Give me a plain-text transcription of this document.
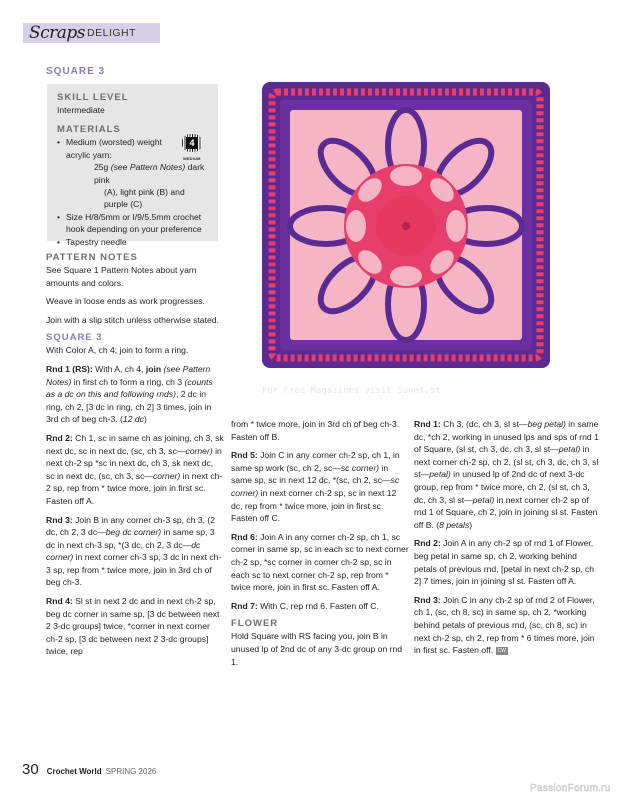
Scraps DELIGHT
SQUARE 3
SKILL LEVEL
Intermediate
MATERIALS
• Medium (worsted) weight
acrylic yarn:
25g (see Pattern Notes) dark pink
(A), light pink (B) and purple (C)
• Size H/8/5mm or I/9/5.5mm crochet hook depending on your preference
• Tapestry needle
4
MEDIUM
PATTERN NOTES

See Square 1 Pattern Notes about yarn amounts and colors.

Weave in loose ends as work progresses.

Join with a slip stitch unless otherwise stated.

SQUARE 3

With Color A, ch 4; join to form a ring.

Rnd 1 (RS): With A, ch 4, join (see Pattern Notes) in first ch to form a ring, ch 3 (counts as a dc on this and following rnds), 2 dc in ring, ch 2, [3 dc in ring, ch 2] 3 times, join in 3rd ch of beg ch-3. (12 dc)

Rnd 2: Ch 1, sc in same ch as joining, ch 3, sk next dc, sc in next dc, (sc, ch 3, sc—corner) in next ch-2 sp *sc in next dc, ch 3, sk next dc, sc in next dc, (sc, ch 3, sc—corner) in next ch-2 sp, rep from * twice more, join in first sc. Fasten off A.

Rnd 3: Join B in any corner ch-3 sp, ch 3, (2 dc, ch 2, 3 dc—beg dc corner) in same sp, 3 dc in next ch-3 sp, *(3 dc, ch 2, 3 dc—dc corner) in next corner ch-3 sp, 3 dc in next ch-3 sp, rep from * twice more, join in 3rd ch of beg ch-3.

Rnd 4: Sl st in next 2 dc and in next ch-2 sp, beg dc corner in same sp, [3 dc between next 2 3-dc groups] twice, *corner in next corner ch-2 sp, [3 dc between next 2 3-dc groups] twice, rep

For Free Magazines visit Sanet.st

from * twice more, join in 3rd ch of beg ch-3. Fasten off B.

Rnd 5: Join C in any corner ch-2 sp, ch 1, in same sp work (sc, ch 2, sc—sc corner) in same sp, sc in next 12 dc, *(sc, ch 2, sc—sc corner) in next corner ch-2 sp, sc in next 12 dc, rep from * twice more, join in first sc. Fasten off C.

Rnd 6: Join A in any corner ch-2 sp, ch 1, sc corner in same sp, sc in each sc to next corner ch-2 sp, *sc corner in corner ch-2 sp, sc in each sc to next corner ch-2 sp, rep from * twice more, join in first sc. Fasten off A.

Rnd 7: With C, rep rnd 6. Fasten off C.

FLOWER

Hold Square with RS facing you, join B in unused lp of 2nd dc of any 3-dc group on rnd 1.

Rnd 1: Ch 3, (dc, ch 3, sl st—beg petal) in same dc, *ch 2, working in unused lps and sps of rnd 1 of Square, (sl st, ch 3, dc, ch 3, sl st—petal) in next corner ch-2 sp, ch 2, (sl st, ch 3, dc, ch 3, sl st—petal) in unused lp of 2nd dc of next 3-dc group, rep from * twice more, ch 2, (sl st, ch 3, dc, ch 3, sl st—petal) in next corner ch-2 sp of rnd 1 of Square, ch 2, join in joining sl st. Fasten off B. (8 petals)

Rnd 2: Join A in any ch-2 sp of rnd 1 of Flower, beg petal in same sp, ch 2, working behind petals of previous rnd, [petal in next ch-2 sp, ch 2] 7 times, join in joining sl st. Fasten off A.

Rnd 3: Join C in any ch-2 sp of rnd 2 of Flower, ch 1, (sc, ch 8, sc) in same sp, ch 2, *working behind petals of previous rnd, (sc, ch 8, sc) in next ch-2 sp, ch 2, rep from * 6 times more, join in first sc. Fasten off. CW

30 Crochet World SPRING 2026
PassionForum.ru
